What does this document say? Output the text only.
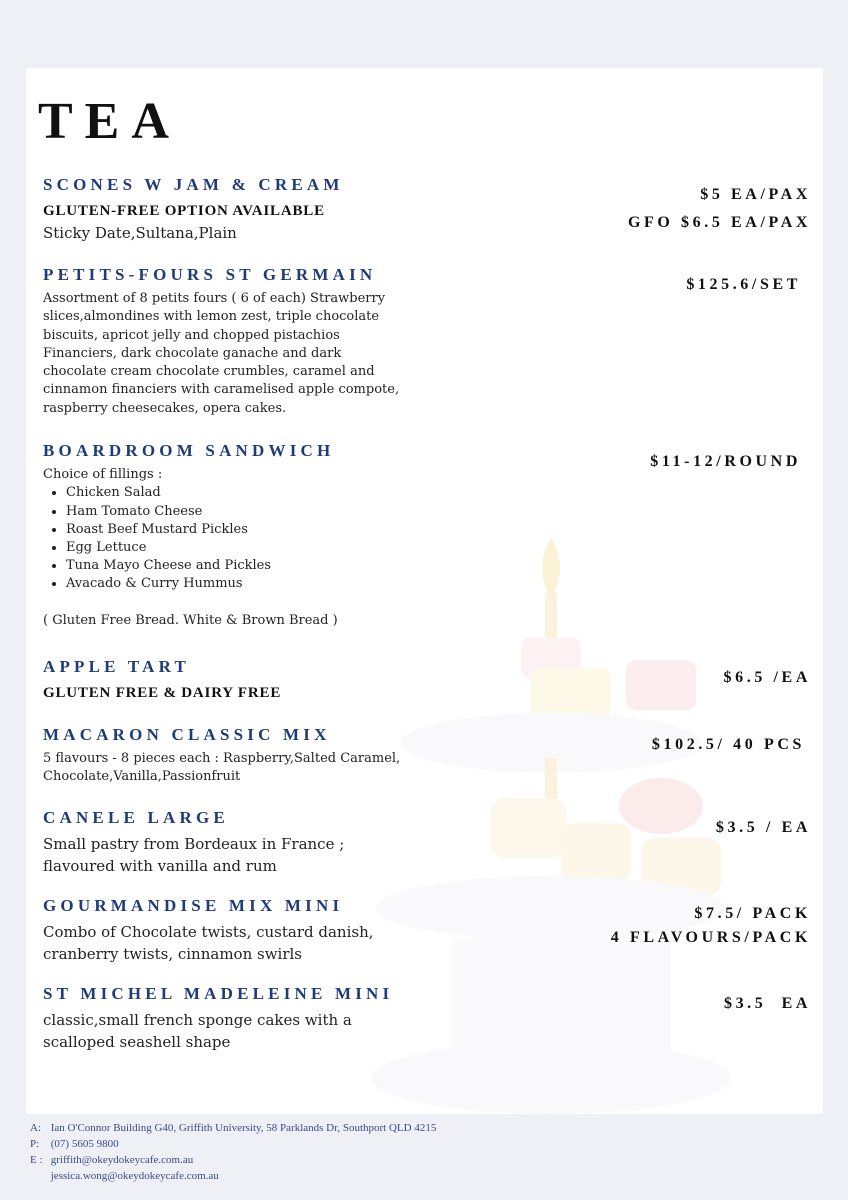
TEA
SCONES W JAM & CREAM
GLUTEN-FREE OPTION AVAILABLE
Sticky Date,Sultana,Plain
$5 EA/PAX
GFO $6.5 EA/PAX
PETITS-FOURS ST GERMAIN
Assortment of 8 petits fours ( 6 of each) Strawberry
slices,almondines with lemon zest, triple chocolate
biscuits, apricot jelly and chopped pistachios
Financiers, dark chocolate ganache and dark
chocolate cream chocolate crumbles, caramel and
cinnamon financiers with caramelised apple compote,
raspberry cheesecakes, opera cakes.
$125.6/SET
BOARDROOM SANDWICH
Choice of fillings :
• Chicken Salad
• Ham Tomato Cheese
• Roast Beef Mustard Pickles
• Egg Lettuce
• Tuna Mayo Cheese and Pickles
• Avacado & Curry Hummus
( Gluten Free Bread. White & Brown Bread )
$11-12/ROUND
APPLE TART
GLUTEN FREE & DAIRY FREE
$6.5 /EA
MACARON CLASSIC MIX
5 flavours - 8 pieces each : Raspberry,Salted Caramel,
Chocolate,Vanilla,Passionfruit
$102.5/ 40 PCS
CANELE LARGE
Small pastry from Bordeaux in France ;
flavoured with vanilla and rum
$3.5 / EA
GOURMANDISE MIX MINI
Combo of Chocolate twists, custard danish,
cranberry twists, cinnamon swirls
$7.5/ PACK
4 FLAVOURS/PACK
ST MICHEL MADELEINE MINI
classic,small french sponge cakes with a
scalloped seashell shape
$3.5  EA
A: Ian O'Connor Building G40, Griffith University, 58 Parklands Dr, Southport QLD 4215
P: (07) 5605 9800
E : griffith@okeydokeycafe.com.au
jessica.wong@okeydokeycafe.com.au
